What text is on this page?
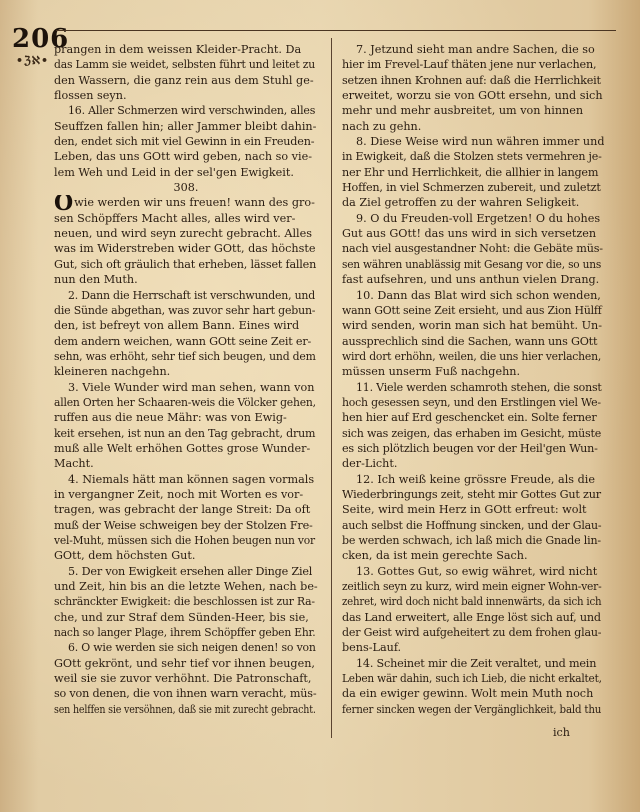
206
•ℨℵ•
prangen in dem weissen Kleider-Pracht. Da
das Lamm sie weidet, selbsten führt und leitet zu
den Wassern, die ganz rein aus dem Stuhl ge-
flossen seyn.
16. Aller Schmerzen wird verschwinden, alles
Seuffzen fallen hin; aller Jammer bleibt dahin-
den, endet sich mit viel Gewinn in ein Freuden-
Leben, das uns GOtt wird geben, nach so vie-
lem Weh und Leid in der sel'gen Ewigkeit.
308.
Owie werden wir uns freuen! wann des gro-
sen Schöpffers Macht alles, alles wird ver-
neuen, und wird seyn zurecht gebracht. Alles
was im Widerstreben wider GOtt, das höchste
Gut, sich oft gräulich that erheben, lässet fallen
nun den Muth.
2. Dann die Herrschaft ist verschwunden, und
die Sünde abgethan, was zuvor sehr hart gebun-
den, ist befreyt von allem Bann. Eines wird
dem andern weichen, wann GOtt seine Zeit er-
sehn, was erhöht, sehr tief sich beugen, und dem
kleineren nachgehn.
3. Viele Wunder wird man sehen, wann von
allen Orten her Schaaren-weis die Völcker gehen,
ruffen aus die neue Mähr: was von Ewig-
keit ersehen, ist nun an den Tag gebracht, drum
muß alle Welt erhöhen Gottes grose Wunder-
Macht.
4. Niemals hätt man können sagen vormals
in vergangner Zeit, noch mit Worten es vor-
tragen, was gebracht der lange Streit: Da oft
muß der Weise schweigen bey der Stolzen Fre-
vel-Muht, müssen sich die Hohen beugen nun vor
GOtt, dem höchsten Gut.
5. Der von Ewigkeit ersehen aller Dinge Ziel
und Zeit, hin bis an die letzte Wehen, nach be-
schränckter Ewigkeit: die beschlossen ist zur Ra-
che, und zur Straf dem Sünden-Heer, bis sie,
nach so langer Plage, ihrem Schöpffer geben Ehr.
6. O wie werden sie sich neigen denen! so von
GOtt gekrönt, und sehr tief vor ihnen beugen,
weil sie sie zuvor verhöhnt. Die Patronschaft,
so von denen, die von ihnen warn veracht, müs-
sen helffen sie versöhnen, daß sie mit zurecht gebracht.
7. Jetzund sieht man andre Sachen, die so
hier im Frevel-Lauf thäten jene nur verlachen,
setzen ihnen Krohnen auf: daß die Herrlichkeit
erweitet, worzu sie von GOtt ersehn, und sich
mehr und mehr ausbreitet, um von hinnen
nach zu gehn.
8. Diese Weise wird nun währen immer und
in Ewigkeit, daß die Stolzen stets vermehren je-
ner Ehr und Herrlichkeit, die allhier in langem
Hoffen, in viel Schmerzen zubereit, und zuletzt
da Ziel getroffen zu der wahren Seligkeit.
9. O du Freuden-voll Ergetzen! O du hohes
Gut aus GOtt! das uns wird in sich versetzen
nach viel ausgestandner Noht: die Gebäte müs-
sen währen unablässig mit Gesang vor die, so uns
fast aufsehren, und uns anthun vielen Drang.
10. Dann das Blat wird sich schon wenden,
wann GOtt seine Zeit ersieht, und aus Zion Hülff
wird senden, worin man sich hat bemüht. Un-
aussprechlich sind die Sachen, wann uns GOtt
wird dort erhöhn, weilen, die uns hier verlachen,
müssen unserm Fuß nachgehn.
11. Viele werden schamroth stehen, die sonst
hoch gesessen seyn, und den Erstlingen viel We-
hen hier auf Erd geschencket ein. Solte ferner
sich was zeigen, das erhaben im Gesicht, müste
es sich plötzlich beugen vor der Heil'gen Wun-
der-Licht.
12. Ich weiß keine grössre Freude, als die
Wiederbringungs zeit, steht mir Gottes Gut zur
Seite, wird mein Herz in GOtt erfreut: wolt
auch selbst die Hoffnung sincken, und der Glau-
be werden schwach, ich laß mich die Gnade lin-
cken, da ist mein gerechte Sach.
13. Gottes Gut, so ewig währet, wird nicht
zeitlich seyn zu kurz, wird mein eigner Wohn-ver-
zehret, wird doch nicht bald innenwärts, da sich ich
das Land erweitert, alle Enge löst sich auf, und
der Geist wird aufgeheitert zu dem frohen glau-
bens-Lauf.
14. Scheinet mir die Zeit veraltet, und mein
Leben wär dahin, such ich Lieb, die nicht erkaltet,
da ein ewiger gewinn. Wolt mein Muth noch
ferner sincken wegen der Vergänglichkeit, bald thu
ich
